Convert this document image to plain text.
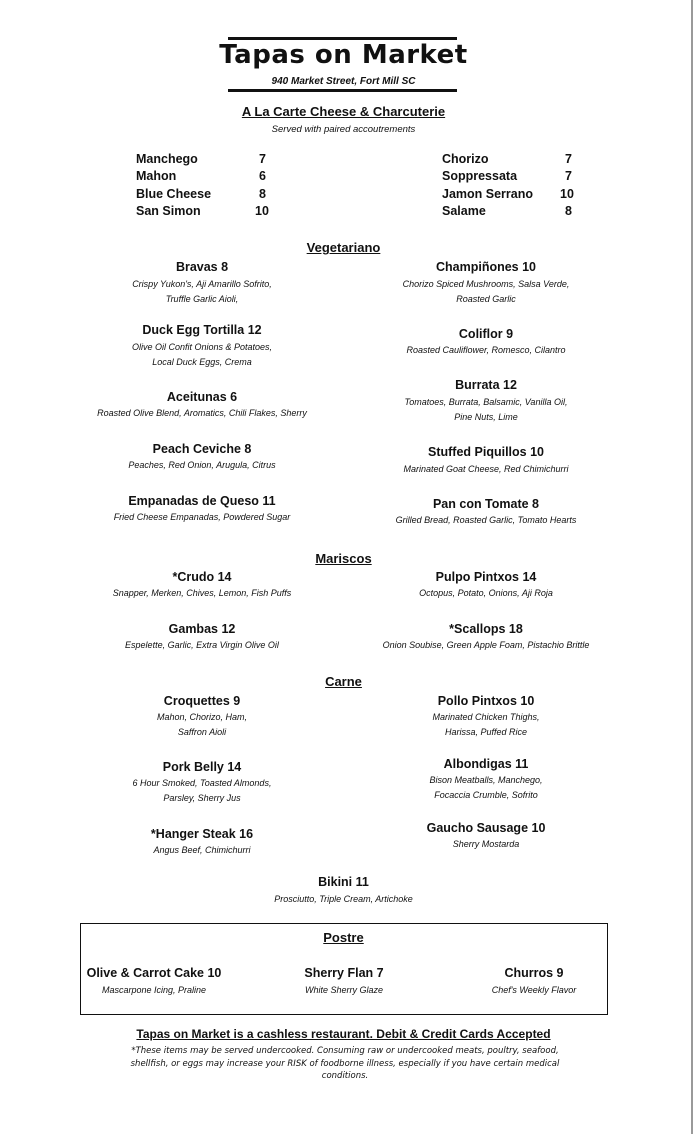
Tapas on Market
940 Market Street, Fort Mill SC
A La Carte Cheese & Charcuterie
Served with paired accoutrements
Manchego	7
Mahon	6
Blue Cheese	8
San Simon	10
Chorizo	7
Soppressata	7
Jamon Serrano 10
Salame	8
Vegetariano
Bravas 8
Crispy Yukon's, Aji Amarillo Sofrito,
Truffle Garlic Aioli,
Duck Egg Tortilla 12
Olive Oil Confit Onions & Potatoes,
Local Duck Eggs, Crema
Aceitunas 6
Roasted Olive Blend, Aromatics, Chili Flakes, Sherry
Peach Ceviche 8
Peaches, Red Onion, Arugula, Citrus
Empanadas de Queso 11
Fried Cheese Empanadas, Powdered Sugar
Champiñones 10
Chorizo Spiced Mushrooms, Salsa Verde,
Roasted Garlic
Coliflor 9
Roasted Cauliflower, Romesco, Cilantro
Burrata 12
Tomatoes, Burrata, Balsamic, Vanilla Oil,
Pine Nuts, Lime
Stuffed Piquillos 10
Marinated Goat Cheese, Red Chimichurri
Pan con Tomate 8
Grilled Bread, Roasted Garlic, Tomato Hearts
Mariscos
*Crudo 14
Snapper, Merken, Chives, Lemon, Fish Puffs
Gambas 12
Espelette, Garlic, Extra Virgin Olive Oil
Pulpo Pintxos 14
Octopus, Potato, Onions, Aji Roja
*Scallops 18
Onion Soubise, Green Apple Foam, Pistachio Brittle
Carne
Croquettes 9
Mahon, Chorizo, Ham,
Saffron Aioli
Pork Belly 14
6 Hour Smoked, Toasted Almonds,
Parsley, Sherry Jus
*Hanger Steak 16
Angus Beef, Chimichurri
Pollo Pintxos 10
Marinated Chicken Thighs,
Harissa, Puffed Rice
Albondigas 11
Bison Meatballs, Manchego,
Focaccia Crumble, Sofrito
Gaucho Sausage 10
Sherry Mostarda
Bikini 11
Prosciutto, Triple Cream, Artichoke
Postre
Olive & Carrot Cake 10
Mascarpone Icing, Praline
Sherry Flan 7
White Sherry Glaze
Churros 9
Chef's Weekly Flavor
Tapas on Market is a cashless restaurant. Debit & Credit Cards Accepted
*These items may be served undercooked. Consuming raw or undercooked meats, poultry, seafood,
shellfish, or eggs may increase your RISK of foodborne illness, especially if you have certain medical
conditions.
